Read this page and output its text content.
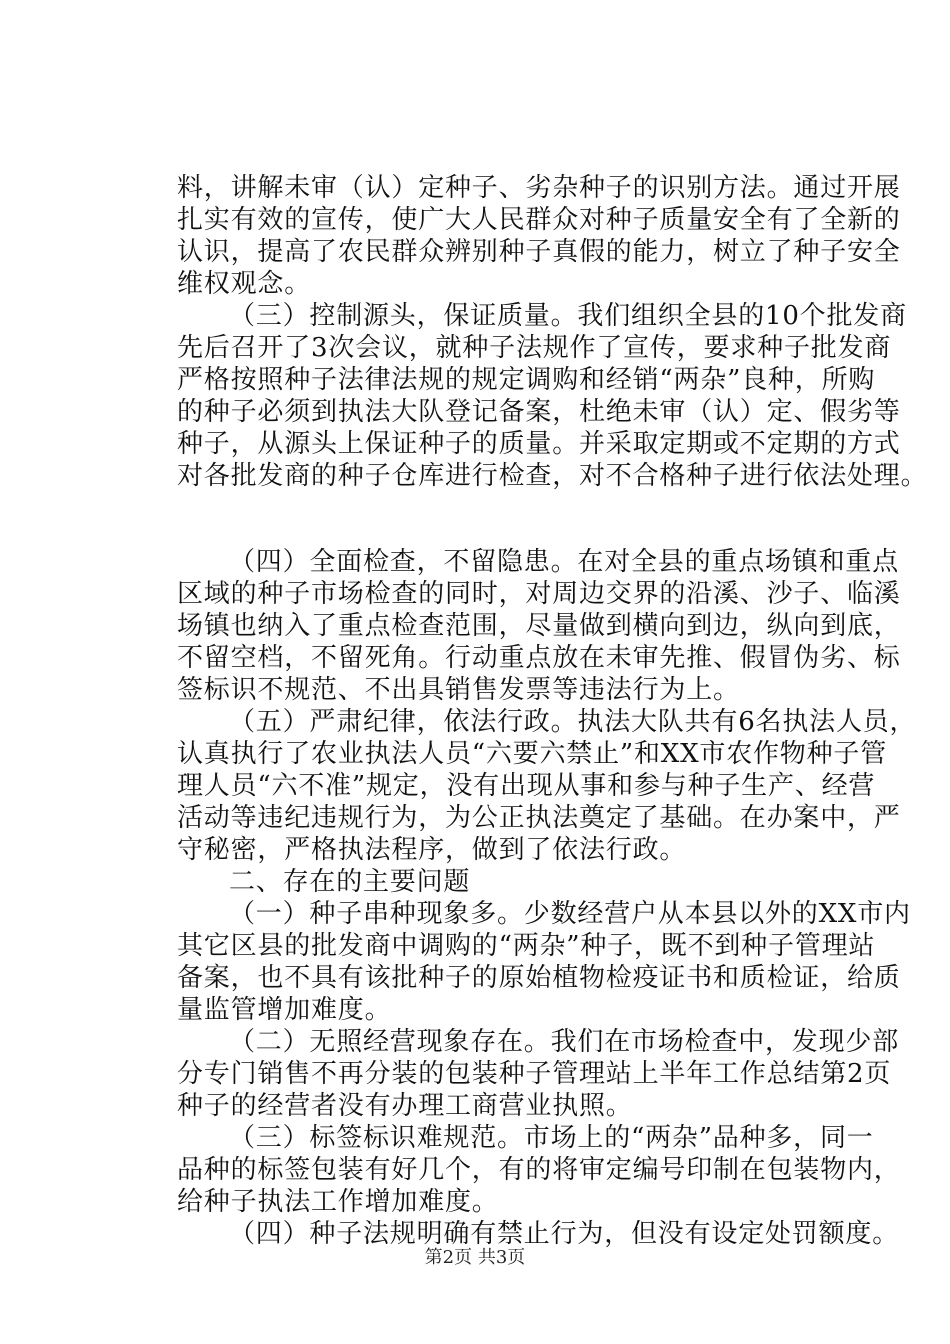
料，讲解未审（认）定种子、劣杂种子的识别方法。通过开展
扎实有效的宣传，使广大人民群众对种子质量安全有了全新的
认识，提高了农民群众辨别种子真假的能力，树立了种子安全
维权观念。
（三）控制源头，保证质量。我们组织全县的10个批发商
先后召开了3次会议，就种子法规作了宣传，要求种子批发商
严格按照种子法律法规的规定调购和经销“两杂”良种，所购
的种子必须到执法大队登记备案，杜绝未审（认）定、假劣等
种子，从源头上保证种子的质量。并采取定期或不定期的方式
对各批发商的种子仓库进行检查，对不合格种子进行依法处理。
（四）全面检查，不留隐患。在对全县的重点场镇和重点
区域的种子市场检查的同时，对周边交界的沿溪、沙子、临溪
场镇也纳入了重点检查范围，尽量做到横向到边，纵向到底，
不留空档，不留死角。行动重点放在未审先推、假冒伪劣、标
签标识不规范、不出具销售发票等违法行为上。
（五）严肃纪律，依法行政。执法大队共有6名执法人员，
认真执行了农业执法人员“六要六禁止”和XX市农作物种子管
理人员“六不准”规定，没有出现从事和参与种子生产、经营
活动等违纪违规行为，为公正执法奠定了基础。在办案中，严
守秘密，严格执法程序，做到了依法行政。
二、存在的主要问题
（一）种子串种现象多。少数经营户从本县以外的XX市内
其它区县的批发商中调购的“两杂”种子，既不到种子管理站
备案，也不具有该批种子的原始植物检疫证书和质检证，给质
量监管增加难度。
（二）无照经营现象存在。我们在市场检查中，发现少部
分专门销售不再分装的包装种子管理站上半年工作总结第2页
种子的经营者没有办理工商营业执照。
（三）标签标识难规范。市场上的“两杂”品种多，同一
品种的标签包装有好几个，有的将审定编号印制在包装物内，
给种子执法工作增加难度。
（四）种子法规明确有禁止行为，但没有设定处罚额度。
第2页 共3页
